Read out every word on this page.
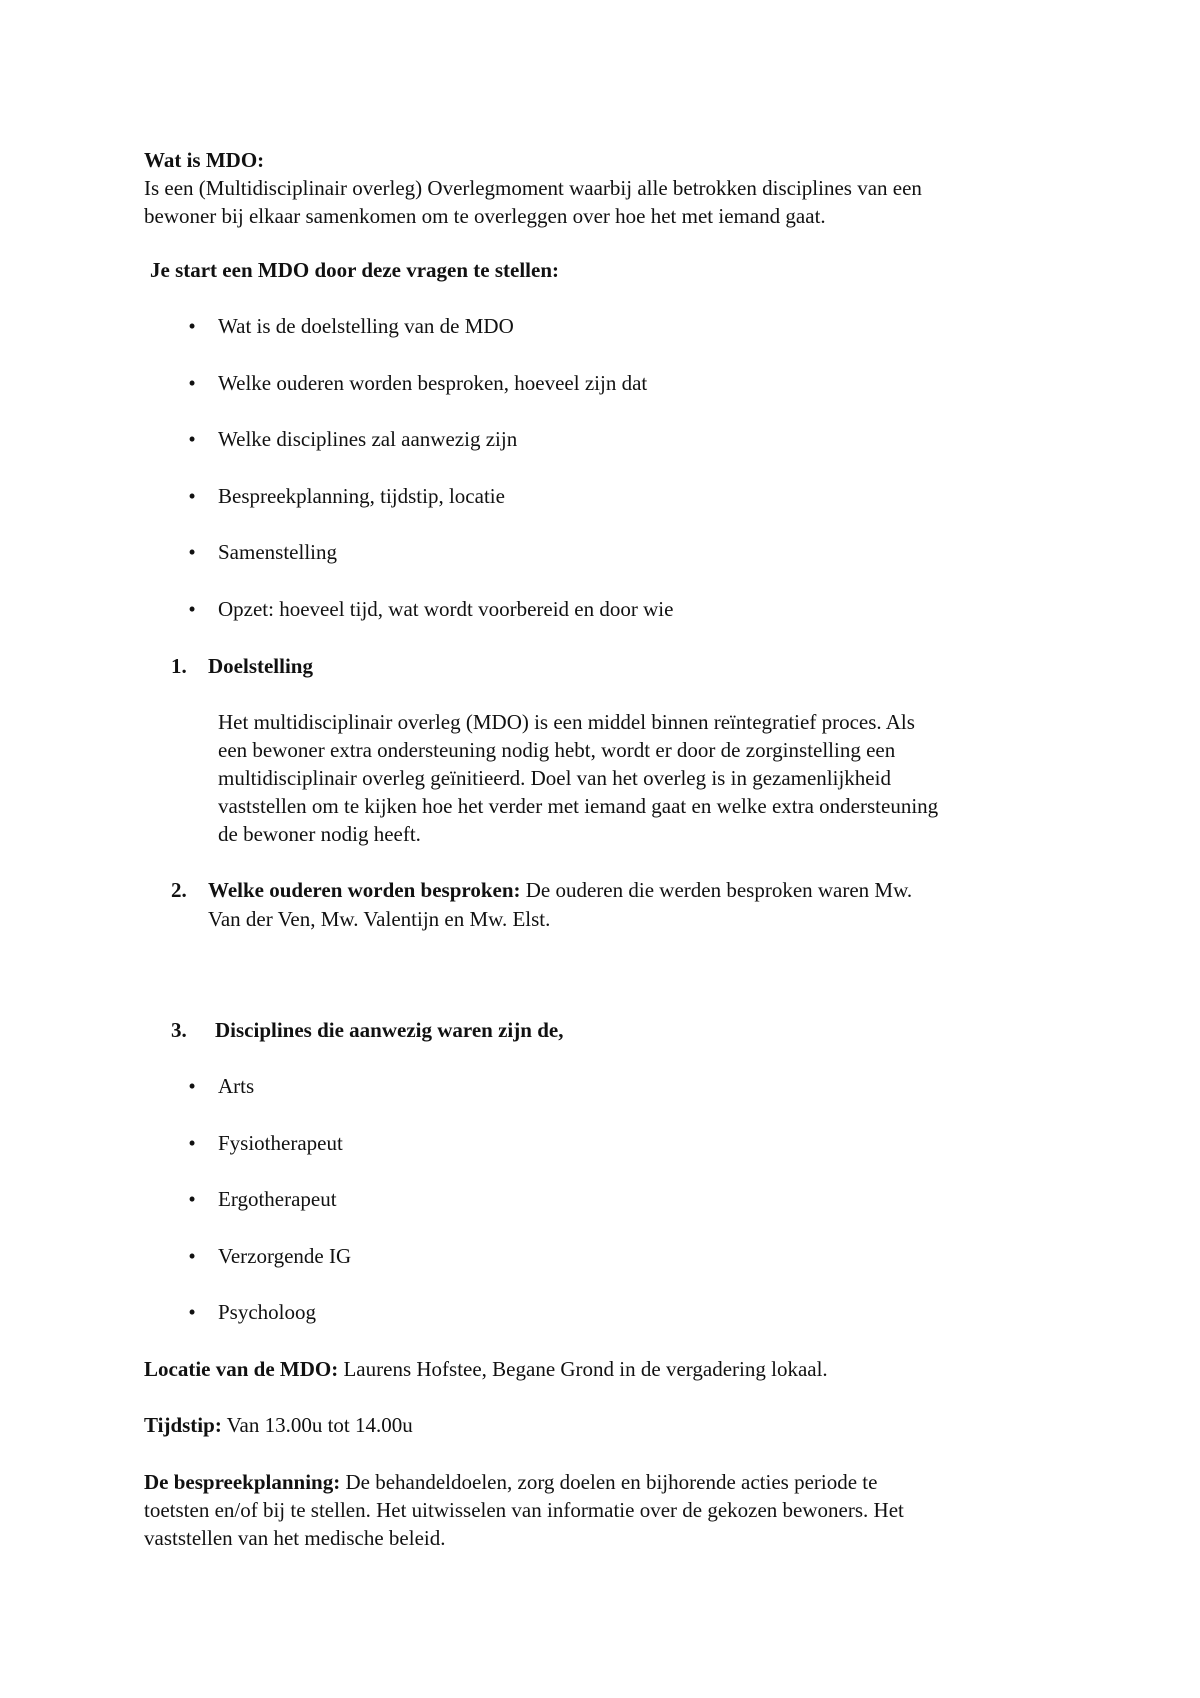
Wat is MDO:
Is een (Multidisciplinair overleg) Overlegmoment waarbij alle betrokken disciplines van een
bewoner bij elkaar samenkomen om te overleggen over hoe het met iemand gaat.
Je start een MDO door deze vragen te stellen:
•	Wat is de doelstelling van de MDO
•	Welke ouderen worden besproken, hoeveel zijn dat
•	Welke disciplines zal aanwezig zijn
•	Bespreekplanning, tijdstip, locatie
•	Samenstelling
•	Opzet: hoeveel tijd, wat wordt voorbereid en door wie
1. Doelstelling
Het multidisciplinair overleg (MDO) is een middel binnen reïntegratief proces. Als
een bewoner extra ondersteuning nodig hebt, wordt er door de zorginstelling een
multidisciplinair overleg geïnitieerd. Doel van het overleg is in gezamenlijkheid
vaststellen om te kijken hoe het verder met iemand gaat en welke extra ondersteuning
de bewoner nodig heeft.
2. Welke ouderen worden besproken: De ouderen die werden besproken waren Mw.
Van der Ven, Mw. Valentijn en Mw. Elst.
3. Disciplines die aanwezig waren zijn de,
•	Arts
•	Fysiotherapeut
•	Ergotherapeut
•	Verzorgende IG
•	Psycholoog
Locatie van de MDO: Laurens Hofstee, Begane Grond in de vergadering lokaal.
Tijdstip: Van 13.00u tot 14.00u
De bespreekplanning: De behandeldoelen, zorg doelen en bijhorende acties periode te
toetsten en/of bij te stellen. Het uitwisselen van informatie over de gekozen bewoners. Het
vaststellen van het medische beleid.
